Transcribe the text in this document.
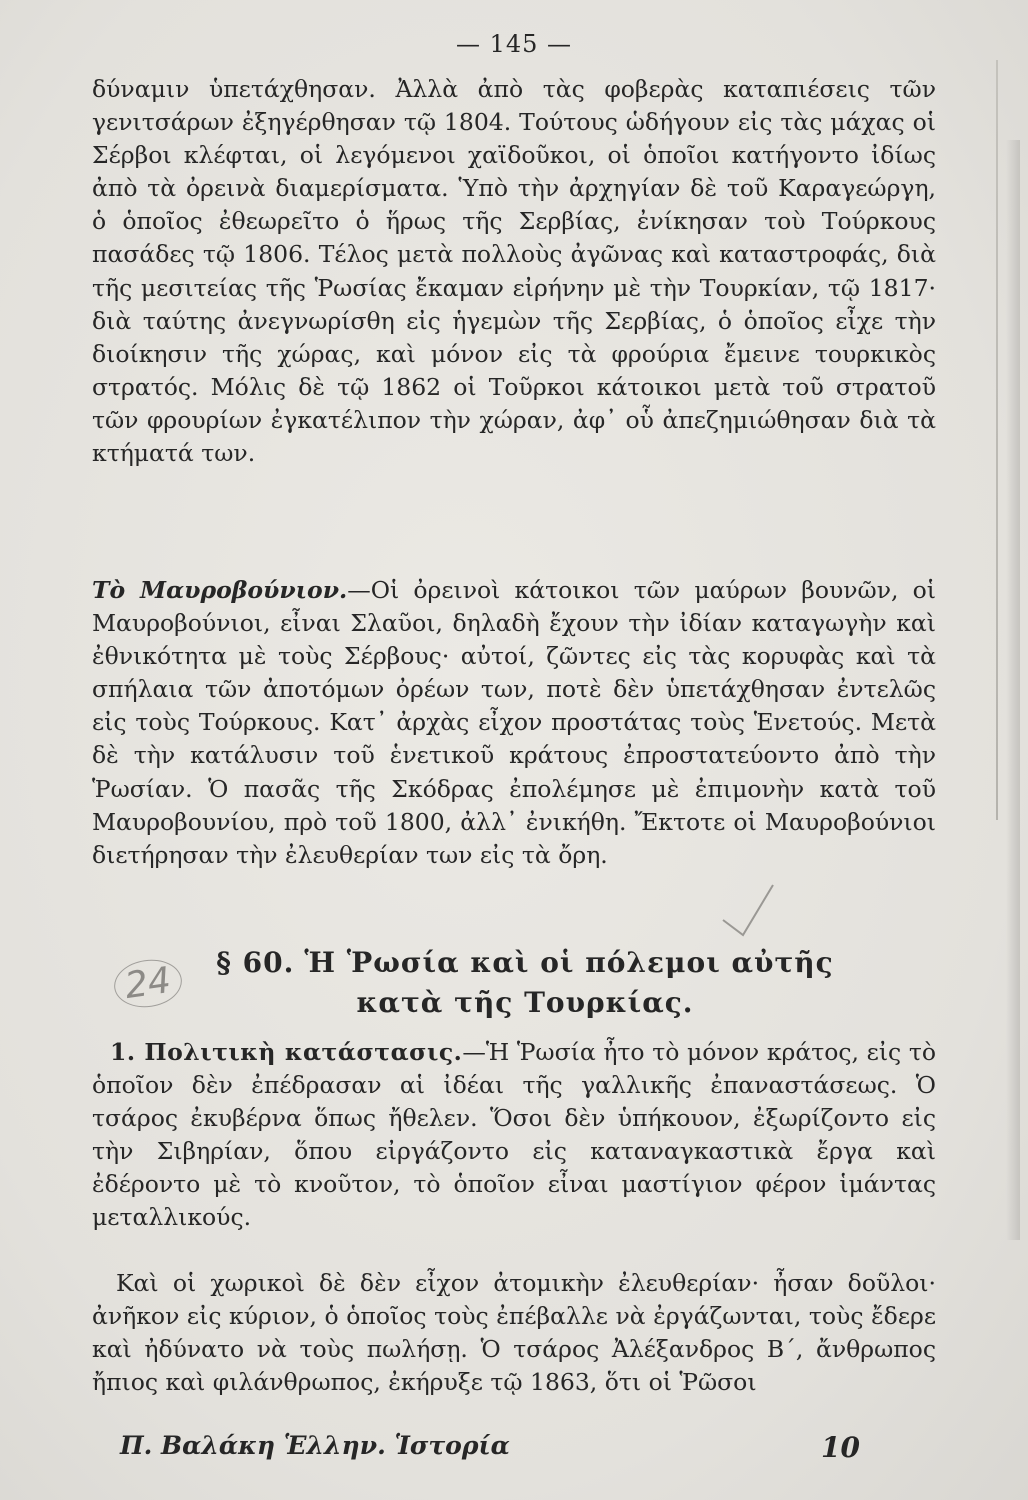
— 145 —

δύναμιν ὑπετάχθησαν. Ἀλλὰ ἀπὸ τὰς φοβερὰς καταπιέσεις τῶν γενιτσάρων ἐξηγέρθησαν τῷ 1804. Τούτους ὡδήγουν εἰς τὰς μάχας οἱ Σέρβοι κλέφται, οἱ λεγόμενοι χαϊδοῦκοι, οἱ ὁποῖοι κατήγοντο ἰδίως ἀπὸ τὰ ὀρεινὰ διαμερίσματα. Ὑπὸ τὴν ἀρχηγίαν δὲ τοῦ Καραγεώργη, ὁ ὁποῖος ἐθεωρεῖτο ὁ ἥρως τῆς Σερβίας, ἐνίκησαν τοὺ Τούρκους πασάδες τῷ 1806. Τέλος μετὰ πολλοὺς ἀγῶνας καὶ καταστροφάς, διὰ τῆς μεσιτείας τῆς Ῥωσίας ἔκαμαν εἰρήνην μὲ τὴν Τουρκίαν, τῷ 1817· διὰ ταύτης ἀνεγνωρίσθη εἰς ἡγεμὼν τῆς Σερβίας, ὁ ὁποῖος εἶχε τὴν διοίκησιν τῆς χώρας, καὶ μόνον εἰς τὰ φρούρια ἔμεινε τουρκικὸς στρατός. Μόλις δὲ τῷ 1862 οἱ Τοῦρκοι κάτοικοι μετὰ τοῦ στρατοῦ τῶν φρουρίων ἐγκατέλιπον τὴν χώραν, ἀφ᾽ οὗ ἀπεζημιώθησαν διὰ τὰ κτήματά των.

Τὸ Μαυροβούνιον.—Οἱ ὀρεινοὶ κάτοικοι τῶν μαύρων βουνῶν, οἱ Μαυροβούνιοι, εἶναι Σλαῦοι, δηλαδὴ ἔχουν τὴν ἰδίαν καταγωγὴν καὶ ἐθνικότητα μὲ τοὺς Σέρβους· αὐτοί, ζῶντες εἰς τὰς κορυφὰς καὶ τὰ σπήλαια τῶν ἀποτόμων ὀρέων των, ποτὲ δὲν ὑπετάχθησαν ἐντελῶς εἰς τοὺς Τούρκους. Κατ᾽ ἀρχὰς εἶχον προστάτας τοὺς Ἑνετούς. Μετὰ δὲ τὴν κατάλυσιν τοῦ ἑνετικοῦ κράτους ἐπροστατεύοντο ἀπὸ τὴν Ῥωσίαν. Ὁ πασᾶς τῆς Σκόδρας ἐπολέμησε μὲ ἐπιμονὴν κατὰ τοῦ Μαυροβουνίου, πρὸ τοῦ 1800, ἀλλ᾽ ἐνικήθη. Ἔκτοτε οἱ Μαυροβούνιοι διετήρησαν τὴν ἐλευθερίαν των εἰς τὰ ὄρη.

24	§ 60. Ἡ Ῥωσία καὶ οἱ πόλεμοι αὐτῆς
κατὰ τῆς Τουρκίας.

1. Πολιτικὴ κατάστασις.—Ἡ Ῥωσία ἦτο τὸ μόνον κράτος, εἰς τὸ ὁποῖον δὲν ἐπέδρασαν αἱ ἰδέαι τῆς γαλλικῆς ἐπαναστάσεως. Ὁ τσάρος ἐκυβέρνα ὅπως ἤθελεν. Ὅσοι δὲν ὑπήκουον, ἐξωρίζοντο εἰς τὴν Σιβηρίαν, ὅπου εἰργάζοντο εἰς καταναγκαστικὰ ἔργα καὶ ἐδέροντο μὲ τὸ κνοῦτον, τὸ ὁποῖον εἶναι μαστίγιον φέρον ἱμάντας μεταλλικούς.

Καὶ οἱ χωρικοὶ δὲ δὲν εἶχον ἀτομικὴν ἐλευθερίαν· ἦσαν δοῦλοι· ἀνῆκον εἰς κύριον, ὁ ὁποῖος τοὺς ἐπέβαλλε νὰ ἐργάζωνται, τοὺς ἔδερε καὶ ἠδύνατο νὰ τοὺς πωλήσῃ. Ὁ τσάρος Ἀλέξανδρος Β´, ἄνθρωπος ἤπιος καὶ φιλάνθρωπος, ἐκήρυξε τῷ 1863, ὅτι οἱ Ῥῶσοι

Π. Βαλάκη Ἑλλην. Ἱστορία	10
